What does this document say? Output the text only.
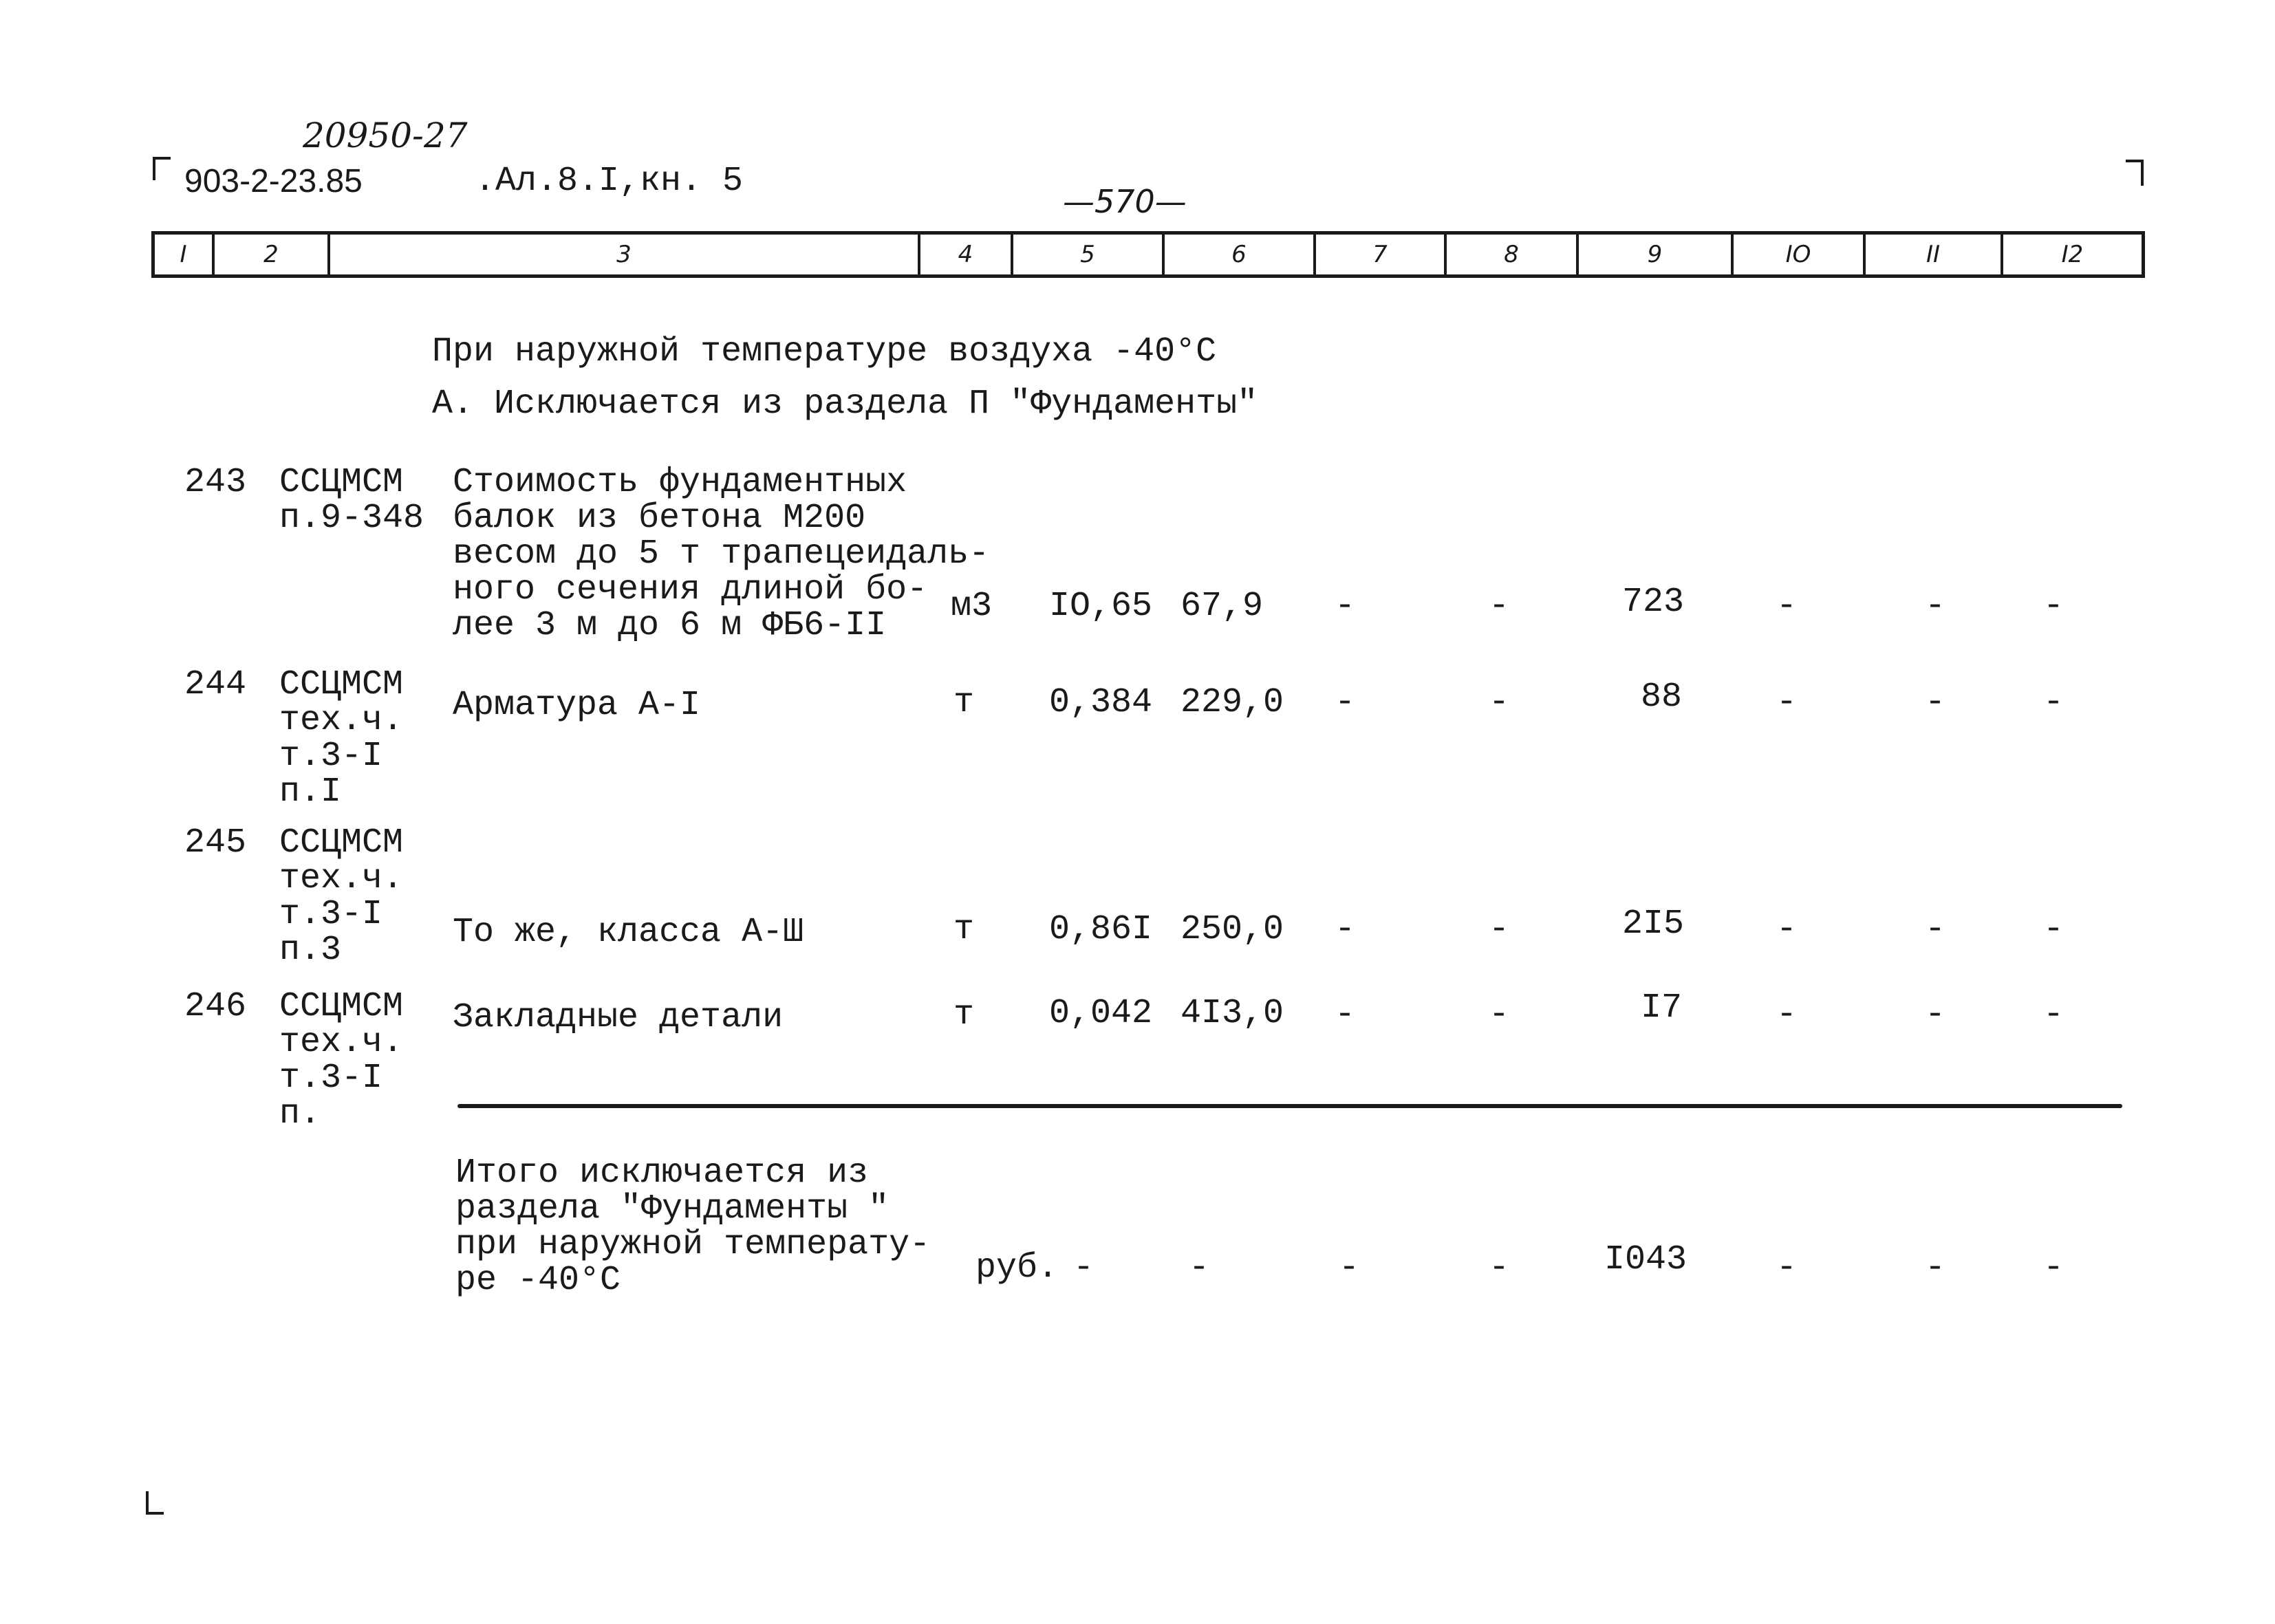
20950-27
903-2-23.85	.Ал.8.I,кн. 5
—570—
I	2	3	4	5	6	7	8	9	IO	II	I2
При наружной температуре воздуха -40°C
А. Исключается из раздела П "Фундаменты"
243 ССЦМСМ
п.9-348
Стоимость фундаментных
балок из бетона М200
весом до 5 т трапецеидаль-
ного сечения длиной бо-
лее 3 м до 6 м ФБ6-II	м3 IO,65 67,9 -	-	723	-	-	-
244 ССЦМСМ
тех.ч.
т.3-I
п.I
Арматура А-I	т 0,384 229,0 -	-	88	-	-	-
245 ССЦМСМ
тех.ч.
т.3-I
п.3	То же, класса А-Ш	т 0,86I 250,0 -	-	2I5	-	-	-
246 ССЦМСМ
тех.ч.
т.3-I
п.
Закладные детали	т 0,042 4I3,0 -	-	I7	-	-	-
Итого исключается из
раздела "Фундаменты "
при наружной температу-
ре -40°C	руб. -	-	-	-	I043	-	-	-
